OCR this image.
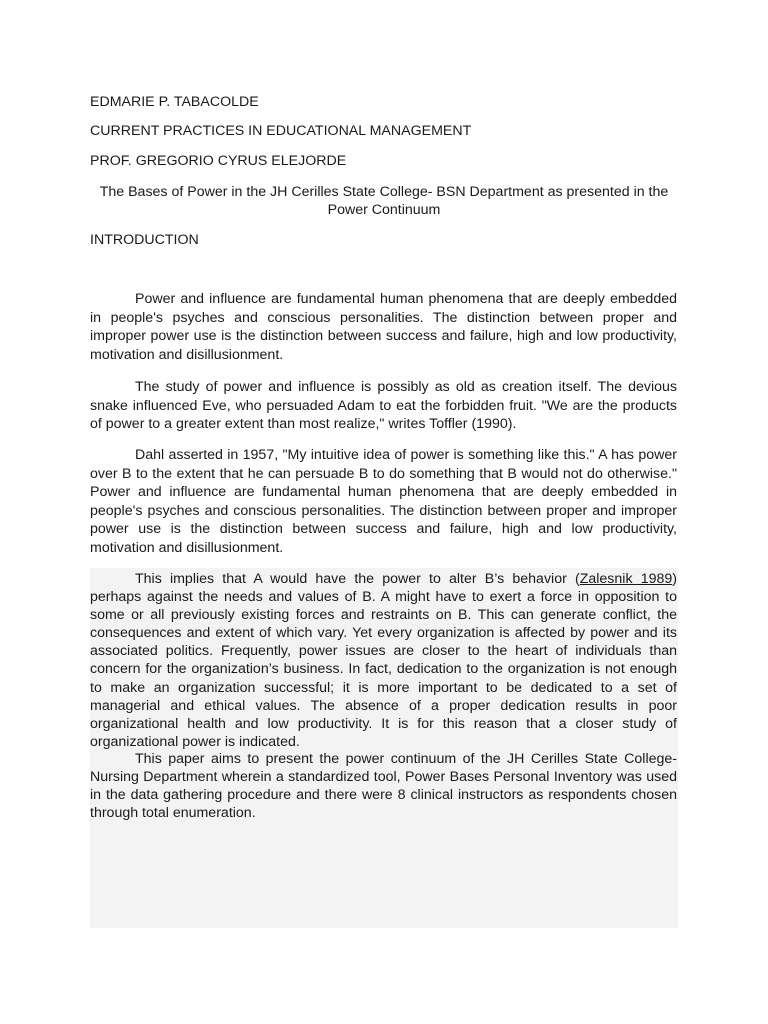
EDMARIE P. TABACOLDE
CURRENT PRACTICES IN EDUCATIONAL MANAGEMENT
PROF. GREGORIO CYRUS ELEJORDE
The Bases of Power in the JH Cerilles State College- BSN Department as presented in the Power Continuum
INTRODUCTION

Power and influence are fundamental human phenomena that are deeply embedded in people's psyches and conscious personalities. The distinction between proper and improper power use is the distinction between success and failure, high and low productivity, motivation and disillusionment.

The study of power and influence is possibly as old as creation itself. The devious snake influenced Eve, who persuaded Adam to eat the forbidden fruit. "We are the products of power to a greater extent than most realize," writes Toffler (1990).

Dahl asserted in 1957, "My intuitive idea of power is something like this." A has power over B to the extent that he can persuade B to do something that B would not do otherwise." Power and influence are fundamental human phenomena that are deeply embedded in people's psyches and conscious personalities. The distinction between proper and improper power use is the distinction between success and failure, high and low productivity, motivation and disillusionment.

This implies that A would have the power to alter B’s behavior (Zalesnik 1989) perhaps against the needs and values of B. A might have to exert a force in opposition to some or all previously existing forces and restraints on B. This can generate conflict, the consequences and extent of which vary. Yet every organization is affected by power and its associated politics. Frequently, power issues are closer to the heart of individuals than concern for the organization’s business. In fact, dedication to the organization is not enough to make an organization successful; it is more important to be dedicated to a set of managerial and ethical values. The absence of a proper dedication results in poor organizational health and low productivity. It is for this reason that a closer study of organizational power is indicated.

This paper aims to present the power continuum of the JH Cerilles State College- Nursing Department wherein a standardized tool, Power Bases Personal Inventory was used in the data gathering procedure and there were 8 clinical instructors as respondents chosen through total enumeration.
